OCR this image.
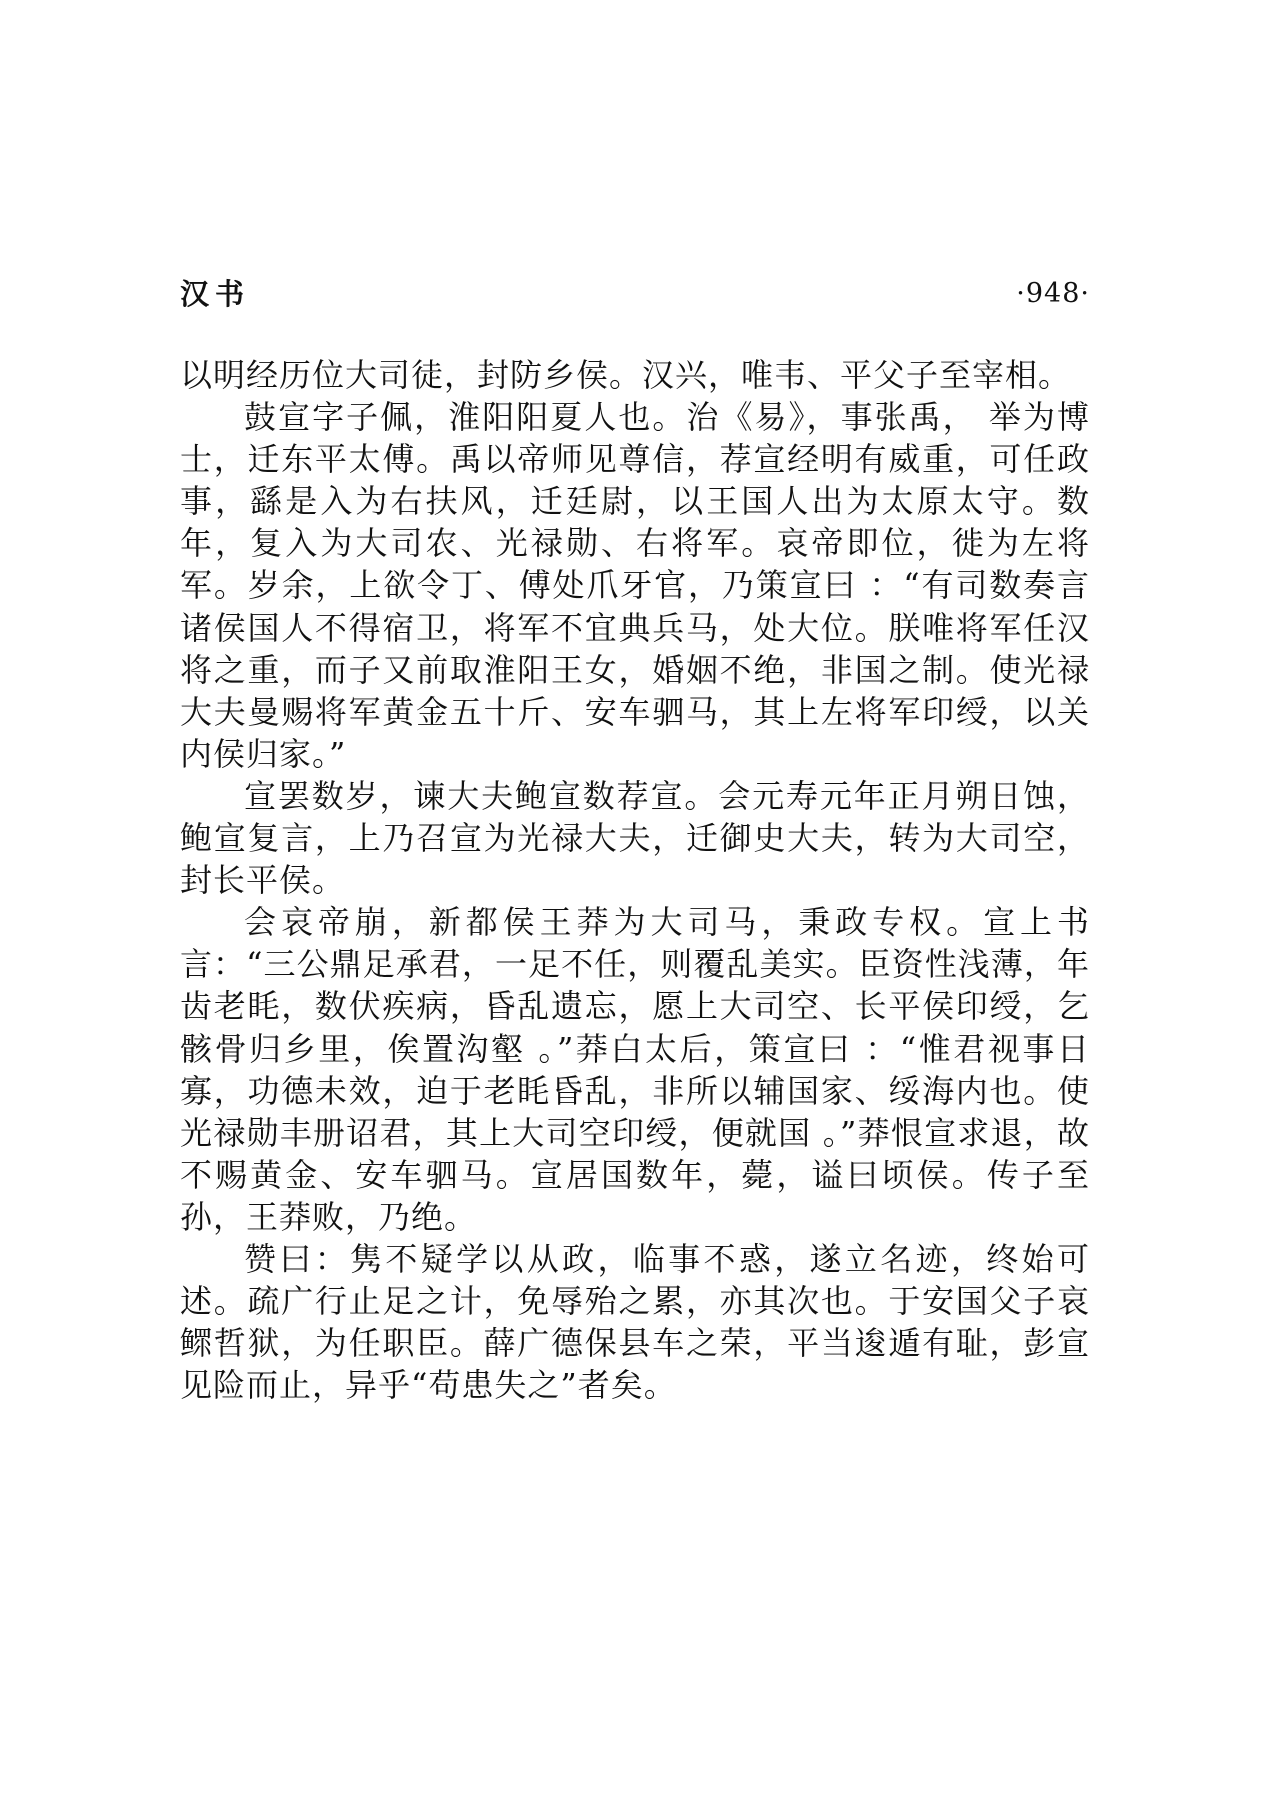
汉书	·948·

以明经历位大司徒，封防乡侯。汉兴，唯韦、平父子至宰相。

鼓宣字子佩，淮阳阳夏人也。治《易》，事张禹， 举为博士，迁东平太傅。禹以帝师见尊信，荐宣经明有威重，可任政事，繇是入为右扶风，迁廷尉，以王国人出为太原太守。数年，复入为大司农、光禄勋、右将军。哀帝即位，徙为左将军。岁余，上欲令丁、傅处爪牙官，乃策宣曰 ：“有司数奏言诸侯国人不得宿卫，将军不宜典兵马，处大位。朕唯将军任汉将之重，而子又前取淮阳王女，婚姻不绝，非国之制。使光禄大夫曼赐将军黄金五十斤、安车驷马，其上左将军印绶，以关内侯归家。”

宣罢数岁，谏大夫鲍宣数荐宣。会元寿元年正月朔日蚀，鲍宣复言，上乃召宣为光禄大夫，迁御史大夫，转为大司空，封长平侯。

会哀帝崩，新都侯王莽为大司马，秉政专权。宣上书言：“三公鼎足承君，一足不任，则覆乱美实。臣资性浅薄，年齿老眊，数伏疾病，昏乱遗忘，愿上大司空、长平侯印绶，乞骸骨归乡里，俟置沟壑 。”莽白太后，策宣曰 ：“惟君视事日寡，功德未效，迫于老眊昏乱，非所以辅国家、绥海内也。使光禄勋丰册诏君，其上大司空印绶，便就国 。”莽恨宣求退，故不赐黄金、安车驷马。宣居国数年，薨，谥曰顷侯。传子至孙，王莽败，乃绝。

赞曰：隽不疑学以从政，临事不惑，遂立名迹，终始可述。疏广行止足之计，免辱殆之累，亦其次也。于安国父子哀鳏哲狱，为任职臣。薛广德保县车之荣，平当逡遁有耻，彭宣见险而止，异乎“苟患失之”者矣。
